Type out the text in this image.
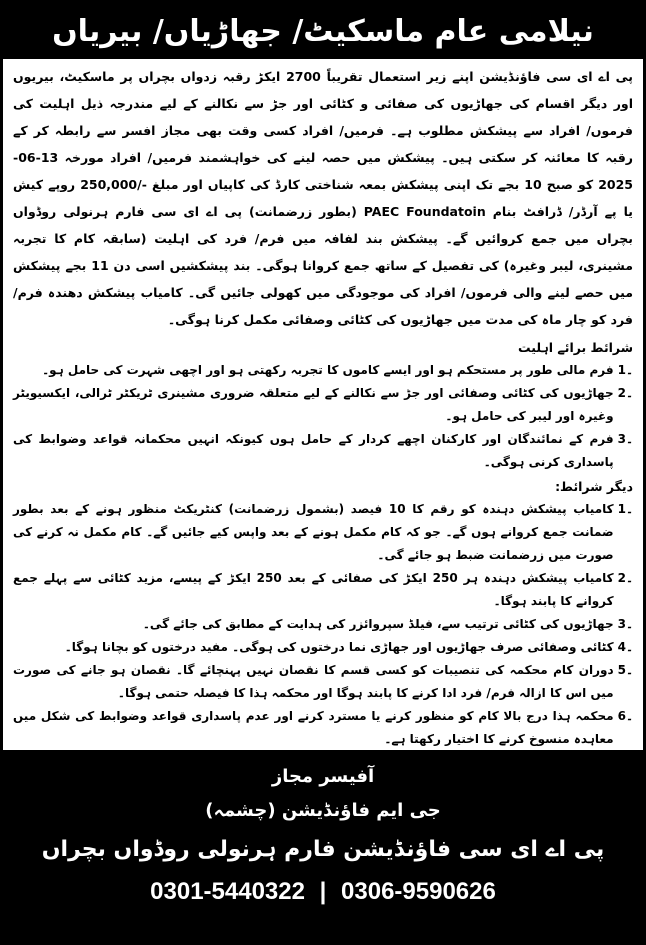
نیلامی عام ماسکیٹ/ جھاڑیاں/ بیریاں

پی اے ای سی فاؤنڈیشن اپنے زیر استعمال تقریباً 2700 ایکڑ رقبہ زدواں بچراں پر ماسکیٹ، بیریوں اور دیگر اقسام کی جھاڑیوں کی صفائی و کٹائی اور جڑ سے نکالنے کے لیے مندرجہ ذیل اہلیت کی فرموں/ افراد سے پیشکش مطلوب ہے۔ فرمیں/ افراد کسی وقت بھی مجاز افسر سے رابطہ کر کے رقبہ کا معائنہ کر سکتی ہیں۔ پیشکش میں حصہ لینے کی خواہشمند فرمیں/ افراد مورخہ 13-06-2025 کو صبح 10 بجے تک اپنی پیشکش بمعہ شناختی کارڈ کی کاپیاں اور مبلغ -/250,000 روپے کیش یا پے آرڈر/ ڈرافٹ بنام PAEC Foundatoin (بطور زرضمانت) پی اے ای سی فارم ہرنولی روڈواں بچراں میں جمع کروائیں گے۔ پیشکش بند لفافہ میں فرم/ فرد کی اہلیت (سابقہ کام کا تجربہ مشینری، لیبر وغیرہ) کی تفصیل کے ساتھ جمع کروانا ہوگی۔ بند پیشکشیں اسی دن 11 بجے پیشکش میں حصے لینے والی فرموں/ افراد کی موجودگی میں کھولی جائیں گی۔ کامیاب پیشکش دھندہ فرم/ فرد کو چار ماہ کی مدت میں جھاڑیوں کی کٹائی وصفائی مکمل کرنا ہوگی۔

شرائط برائے اہلیت
1۔
فرم مالی طور پر مستحکم ہو اور ایسے کاموں کا تجربہ رکھتی ہو اور اچھی شہرت کی حامل ہو۔
2۔
جھاڑیوں کی کٹائی وصفائی اور جڑ سے نکالنے کے لیے متعلقہ ضروری مشینری ٹریکٹر ٹرالی، ایکسیویٹر وغیرہ اور لیبر کی حامل ہو۔
3۔
فرم کے نمائندگان اور کارکنان اچھے کردار کے حامل ہوں کیونکہ انہیں محکمانہ قواعد وضوابط کی پاسداری کرنی ہوگی۔
دیگر شرائط:
1۔
کامیاب پیشکش دہندہ کو رقم کا 10 فیصد (بشمول زرضمانت) کنٹریکٹ منظور ہونے کے بعد بطور ضمانت جمع کروانے ہوں گے۔ جو کہ کام مکمل ہونے کے بعد واپس کیے جائیں گے۔ کام مکمل نہ کرنے کی صورت میں زرضمانت ضبط ہو جائے گی۔
2۔
کامیاب پیشکش دہندہ ہر 250 ایکڑ کی صفائی کے بعد 250 ایکڑ کے پیسے، مزید کٹائی سے پہلے جمع کروانے کا پابند ہوگا۔
3۔
جھاڑیوں کی کٹائی ترتیب سے، فیلڈ سپروائزر کی ہدایت کے مطابق کی جائے گی۔
4۔
کٹائی وصفائی صرف جھاڑیوں اور جھاڑی نما درختوں کی ہوگی۔ مفید درختوں کو بچانا ہوگا۔
5۔
دوران کام محکمہ کی تنصیبات کو کسی قسم کا نقصان نہیں پہنچائے گا۔ نقصان ہو جانے کی صورت میں اس کا ازالہ فرم/ فرد ادا کرنے کا پابند ہوگا اور محکمہ ہذا کا فیصلہ حتمی ہوگا۔
6۔
محکمہ ہذا درج بالا کام کو منظور کرنے یا مسترد کرنے اور عدم پاسداری قواعد وضوابط کی شکل میں معاہدہ منسوخ کرنے کا اختیار رکھتا ہے۔
آفیسر مجاز
جی ایم فاؤنڈیشن (چشمہ)
پی اے ای سی فاؤنڈیشن فارم ہرنولی روڈواں بچراں
0301-5440322 | 0306-9590626
